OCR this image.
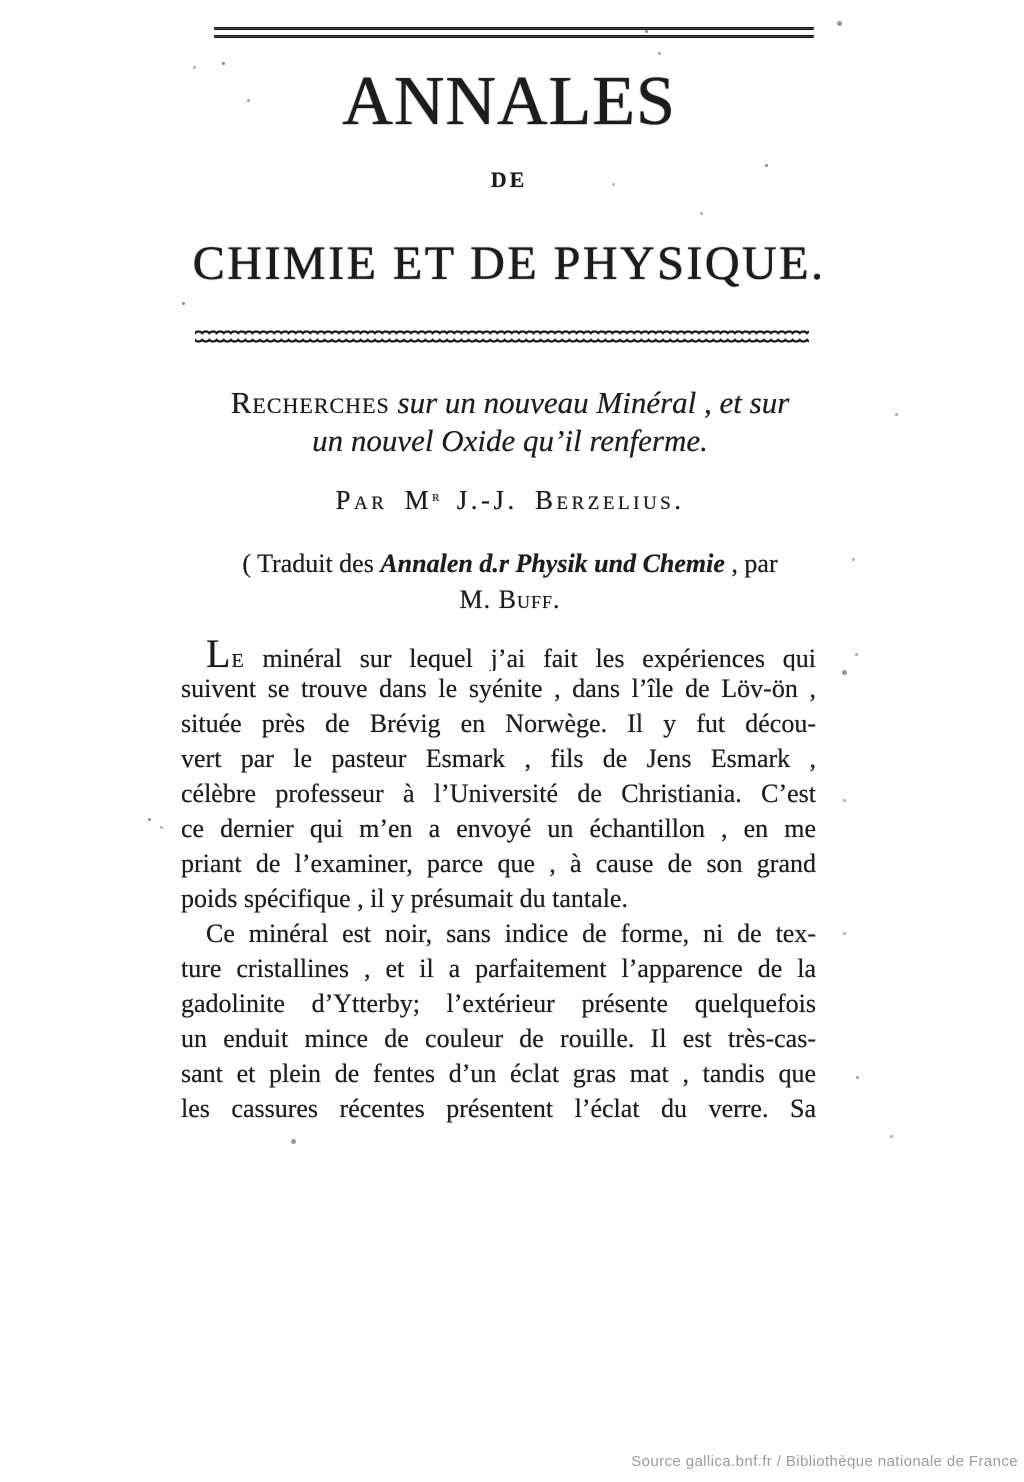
ANNALES
DE
CHIMIE ET DE PHYSIQUE.
Recherches sur un nouveau Minéral , et sur
un nouvel Oxide qu’il renferme.
Par $M^r$ J.-J. Berzelius.
( Traduit des Annalen d.r Physik und Chemie , par
M. Buff.
LE minéral sur lequel j’ai fait les expériences qui
suivent se trouve dans le syénite , dans l’île de Löv-ön ,
située près de Brévig en Norwège. Il y fut décou-
vert par le pasteur Esmark , fils de Jens Esmark ,
célèbre professeur à l’Université de Christiania. C’est
ce dernier qui m’en a envoyé un échantillon , en me
priant de l’examiner, parce que , à cause de son grand
poids spécifique , il y présumait du tantale.
Ce minéral est noir, sans indice de forme, ni de tex-
ture cristallines , et il a parfaitement l’apparence de la
gadolinite d’Ytterby; l’extérieur présente quelquefois
un enduit mince de couleur de rouille. Il est très-cas-
sant et plein de fentes d’un éclat gras mat , tandis que
les cassures récentes présentent l’éclat du verre. Sa
Source gallica.bnf.fr / Bibliothèque nationale de France
